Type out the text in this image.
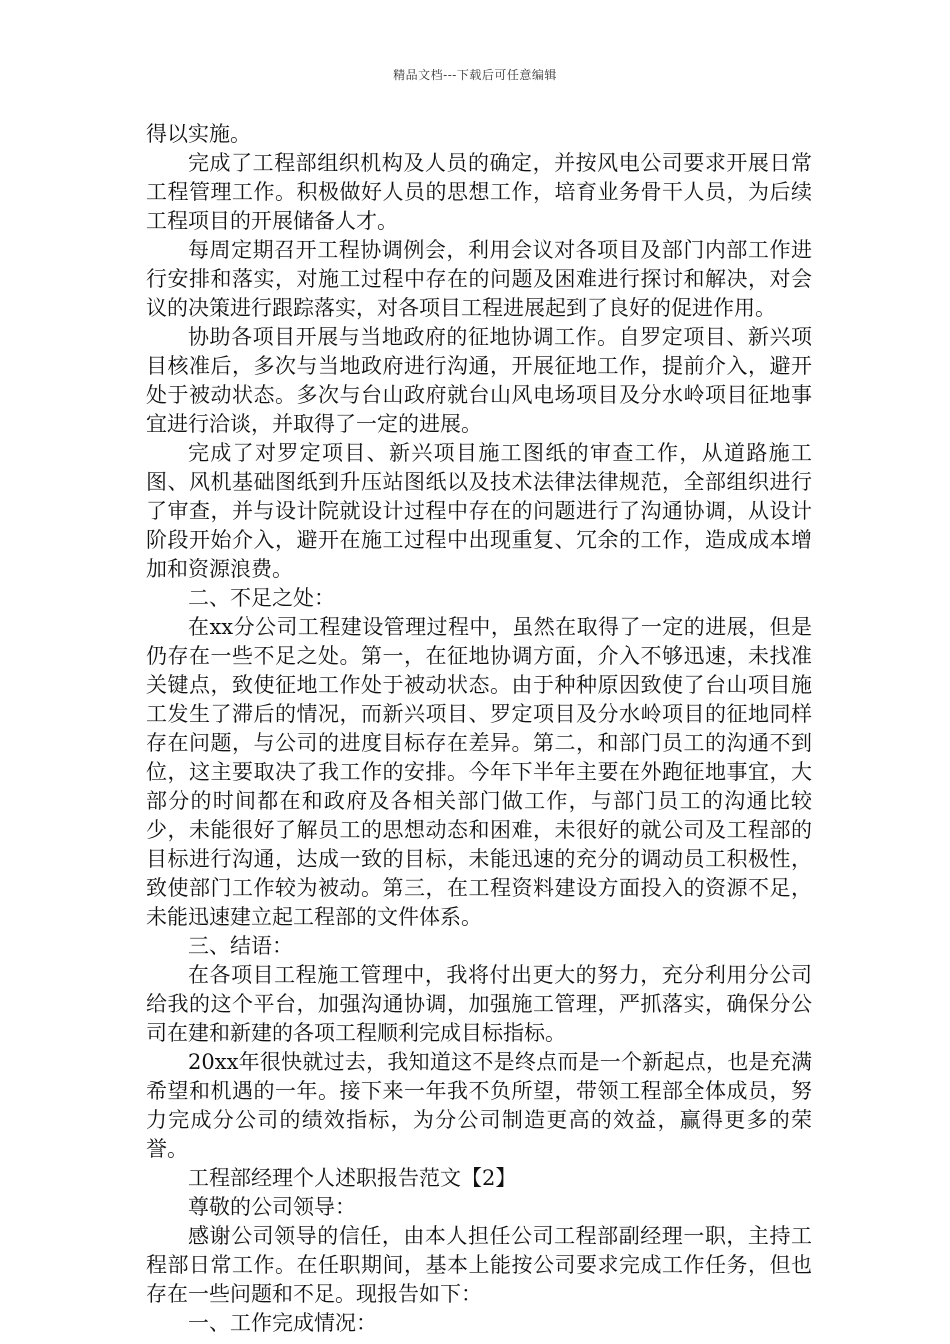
精品文档---下载后可任意编辑

得以实施。

完成了工程部组织机构及人员的确定，并按风电公司要求开展日常工程管理工作。积极做好人员的思想工作，培育业务骨干人员，为后续工程项目的开展储备人才。

每周定期召开工程协调例会，利用会议对各项目及部门内部工作进行安排和落实，对施工过程中存在的问题及困难进行探讨和解决，对会议的决策进行跟踪落实，对各项目工程进展起到了良好的促进作用。

协助各项目开展与当地政府的征地协调工作。自罗定项目、新兴项目核准后，多次与当地政府进行沟通，开展征地工作，提前介入，避开处于被动状态。多次与台山政府就台山风电场项目及分水岭项目征地事宜进行洽谈，并取得了一定的进展。

完成了对罗定项目、新兴项目施工图纸的审查工作，从道路施工图、风机基础图纸到升压站图纸以及技术法律法律规范，全部组织进行了审查，并与设计院就设计过程中存在的问题进行了沟通协调，从设计阶段开始介入，避开在施工过程中出现重复、冗余的工作，造成成本增加和资源浪费。

二、不足之处：

在xx分公司工程建设管理过程中，虽然在取得了一定的进展，但是仍存在一些不足之处。第一，在征地协调方面，介入不够迅速，未找准关键点，致使征地工作处于被动状态。由于种种原因致使了台山项目施工发生了滞后的情况，而新兴项目、罗定项目及分水岭项目的征地同样存在问题，与公司的进度目标存在差异。第二，和部门员工的沟通不到位，这主要取决了我工作的安排。今年下半年主要在外跑征地事宜，大部分的时间都在和政府及各相关部门做工作，与部门员工的沟通比较少，未能很好了解员工的思想动态和困难，未很好的就公司及工程部的目标进行沟通，达成一致的目标，未能迅速的充分的调动员工积极性，致使部门工作较为被动。第三，在工程资料建设方面投入的资源不足，未能迅速建立起工程部的文件体系。

三、结语：

在各项目工程施工管理中，我将付出更大的努力，充分利用分公司给我的这个平台，加强沟通协调，加强施工管理，严抓落实，确保分公司在建和新建的各项工程顺利完成目标指标。

20xx年很快就过去，我知道这不是终点而是一个新起点，也是充满希望和机遇的一年。接下来一年我不负所望，带领工程部全体成员，努力完成分公司的绩效指标，为分公司制造更高的效益，赢得更多的荣誉。

工程部经理个人述职报告范文【2】

尊敬的公司领导：

感谢公司领导的信任，由本人担任公司工程部副经理一职，主持工程部日常工作。在任职期间，基本上能按公司要求完成工作任务，但也存在一些问题和不足。现报告如下：

一、工作完成情况：
